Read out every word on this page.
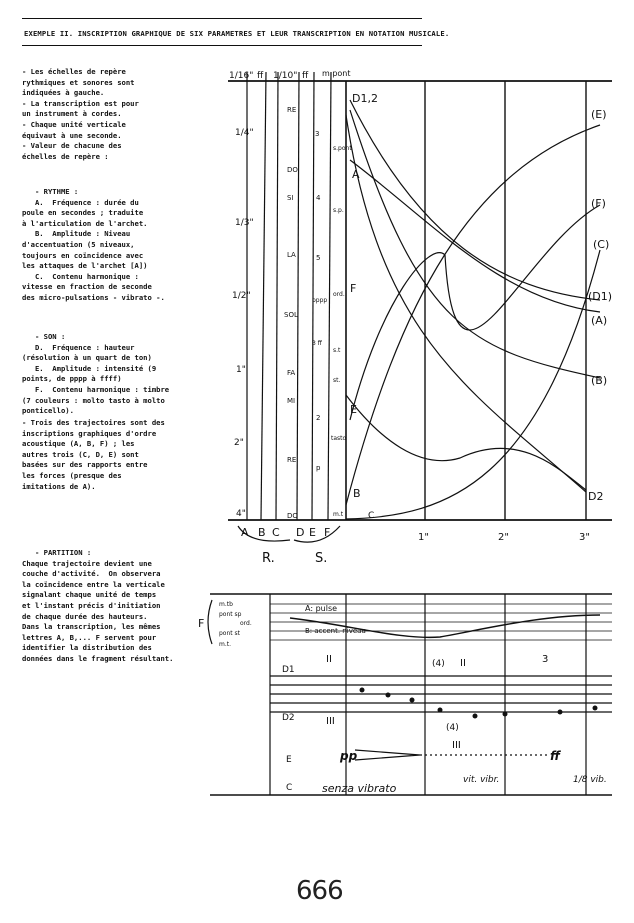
EXEMPLE II. INSCRIPTION GRAPHIQUE DE SIX PARAMETRES ET LEUR TRANSCRIPTION EN NOTATION MUSICALE.
- Les échelles de repère
rythmiques et sonores sont
indiquées à gauche.
- La transcription est pour
un instrument à cordes.
- Chaque unité verticale
équivaut à une seconde.
- Valeur de chacune des
échelles de repère :
- RYTHME :
A.  Fréquence : durée du
poule en secondes ; traduite
à l'articulation de l'archet.
B.  Amplitude : Niveau
d'accentuation (5 niveaux,
toujours en coïncidence avec
les attaques de l'archet [A])
C.  Contenu harmonique :
vitesse en fraction de seconde
des micro-pulsations - vibrato -.
- SON :
D.  Fréquence : hauteur
(résolution à un quart de ton)
E.  Amplitude : intensité (9
points, de pppp à ffff)
F.  Contenu harmonique : timbre
(7 couleurs : molto tasto à molto
ponticello).
- Trois des trajectoires sont des
inscriptions graphiques d'ordre
acoustique (A, B, F) ; les
autres trois (C, D, E) sont
basées sur des rapports entre
les forces (presque des
imitations de A).
- PARTITION :
Chaque trajectoire devient une
couche d'activité.  On observera
la coïncidence entre la verticale
signalant chaque unité de temps
et l'instant précis d'initiation
de chaque durée des hauteurs.
Dans la transcription, les mêmes
lettres A, B,... F servent pour
identifier la distribution des
données dans le fragment résultant.
1/16" ff 1/10" ff m.pont
1/4"
1/3"
1/2"
1"
2"
4"
RE
DO
SI
LA
SOL
FA
MI
RE
DO
s.pont
s.p.
ord.
s.t
st.
tasto
m.t
3
4
5
pppp
3 ff
2
p
(E)
(F)
(C)
(D1)
(A)
(B)
D2
D1,2
A
F
E
B
C
1"	2"	3"
A B C D E F
R.	S.
m.tb
pont sp
ord.
pont st
m.t.
F
A: pulse
B: accent. niveau
D1
D2
E
C
II
III
II
III
(4)
(4)
3
pp	ff
senza vibrato
vit. vibr.	1/8 vib.
666
